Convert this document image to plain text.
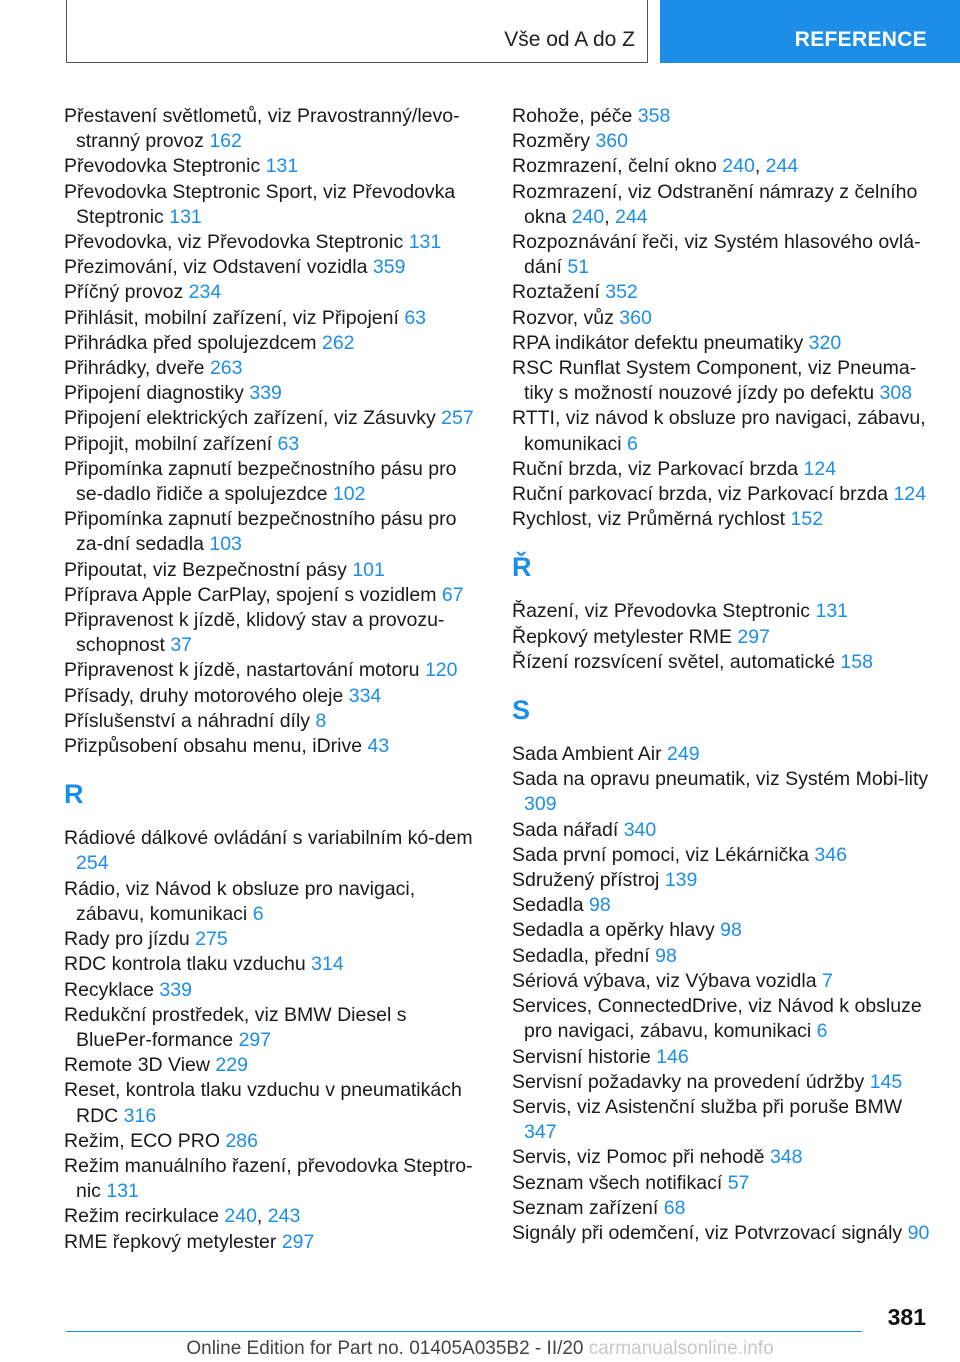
Vše od A do Z	REFERENCE
Přestavení světlometů, viz Pravostranný/levo-stranný provoz 162
Převodovka Steptronic 131
Převodovka Steptronic Sport, viz Převodovka Steptronic 131
Převodovka, viz Převodovka Steptronic 131
Přezimování, viz Odstavení vozidla 359
Příčný provoz 234
Přihlásit, mobilní zařízení, viz Připojení 63
Přihrádka před spolujezdcem 262
Přihrádky, dveře 263
Připojení diagnostiky 339
Připojení elektrických zařízení, viz Zásuvky 257
Připojit, mobilní zařízení 63
Připomínka zapnutí bezpečnostního pásu pro se-dadlo řidiče a spolujezdce 102
Připomínka zapnutí bezpečnostního pásu pro za-dní sedadla 103
Připoutat, viz Bezpečnostní pásy 101
Příprava Apple CarPlay, spojení s vozidlem 67
Připravenost k jízdě, klidový stav a provozu-schopnost 37
Připravenost k jízdě, nastartování motoru 120
Přísady, druhy motorového oleje 334
Příslušenství a náhradní díly 8
Přizpůsobení obsahu menu, iDrive 43
R
Rádiové dálkové ovládání s variabilním kó-dem 254
Rádio, viz Návod k obsluze pro navigaci, zábavu, komunikaci 6
Rady pro jízdu 275
RDC kontrola tlaku vzduchu 314
Recyklace 339
Redukční prostředek, viz BMW Diesel s BluePer-formance 297
Remote 3D View 229
Reset, kontrola tlaku vzduchu v pneumatikách RDC 316
Režim, ECO PRO 286
Režim manuálního řazení, převodovka Steptro-nic 131
Režim recirkulace 240, 243
RME řepkový metylester 297
Rohože, péče 358
Rozměry 360
Rozmrazení, čelní okno 240, 244
Rozmrazení, viz Odstranění námrazy z čelního okna 240, 244
Rozpoznávání řeči, viz Systém hlasového ovlá-dání 51
Roztažení 352
Rozvor, vůz 360
RPA indikátor defektu pneumatiky 320
RSC Runflat System Component, viz Pneuma-tiky s možností nouzové jízdy po defektu 308
RTTI, viz návod k obsluze pro navigaci, zábavu, komunikaci 6
Ruční brzda, viz Parkovací brzda 124
Ruční parkovací brzda, viz Parkovací brzda 124
Rychlost, viz Průměrná rychlost 152
Ř
Řazení, viz Převodovka Steptronic 131
Řepkový metylester RME 297
Řízení rozsvícení světel, automatické 158
S
Sada Ambient Air 249
Sada na opravu pneumatik, viz Systém Mobi-lity 309
Sada nářadí 340
Sada první pomoci, viz Lékárnička 346
Sdružený přístroj 139
Sedadla 98
Sedadla a opěrky hlavy 98
Sedadla, přední 98
Sériová výbava, viz Výbava vozidla 7
Services, ConnectedDrive, viz Návod k obsluze pro navigaci, zábavu, komunikaci 6
Servisní historie 146
Servisní požadavky na provedení údržby 145
Servis, viz Asistenční služba při poruše BMW 347
Servis, viz Pomoc při nehodě 348
Seznam všech notifikací 57
Seznam zařízení 68
Signály při odemčení, viz Potvrzovací signály 90
381
Online Edition for Part no. 01405A035B2 - II/20 carmanualsonline.info
